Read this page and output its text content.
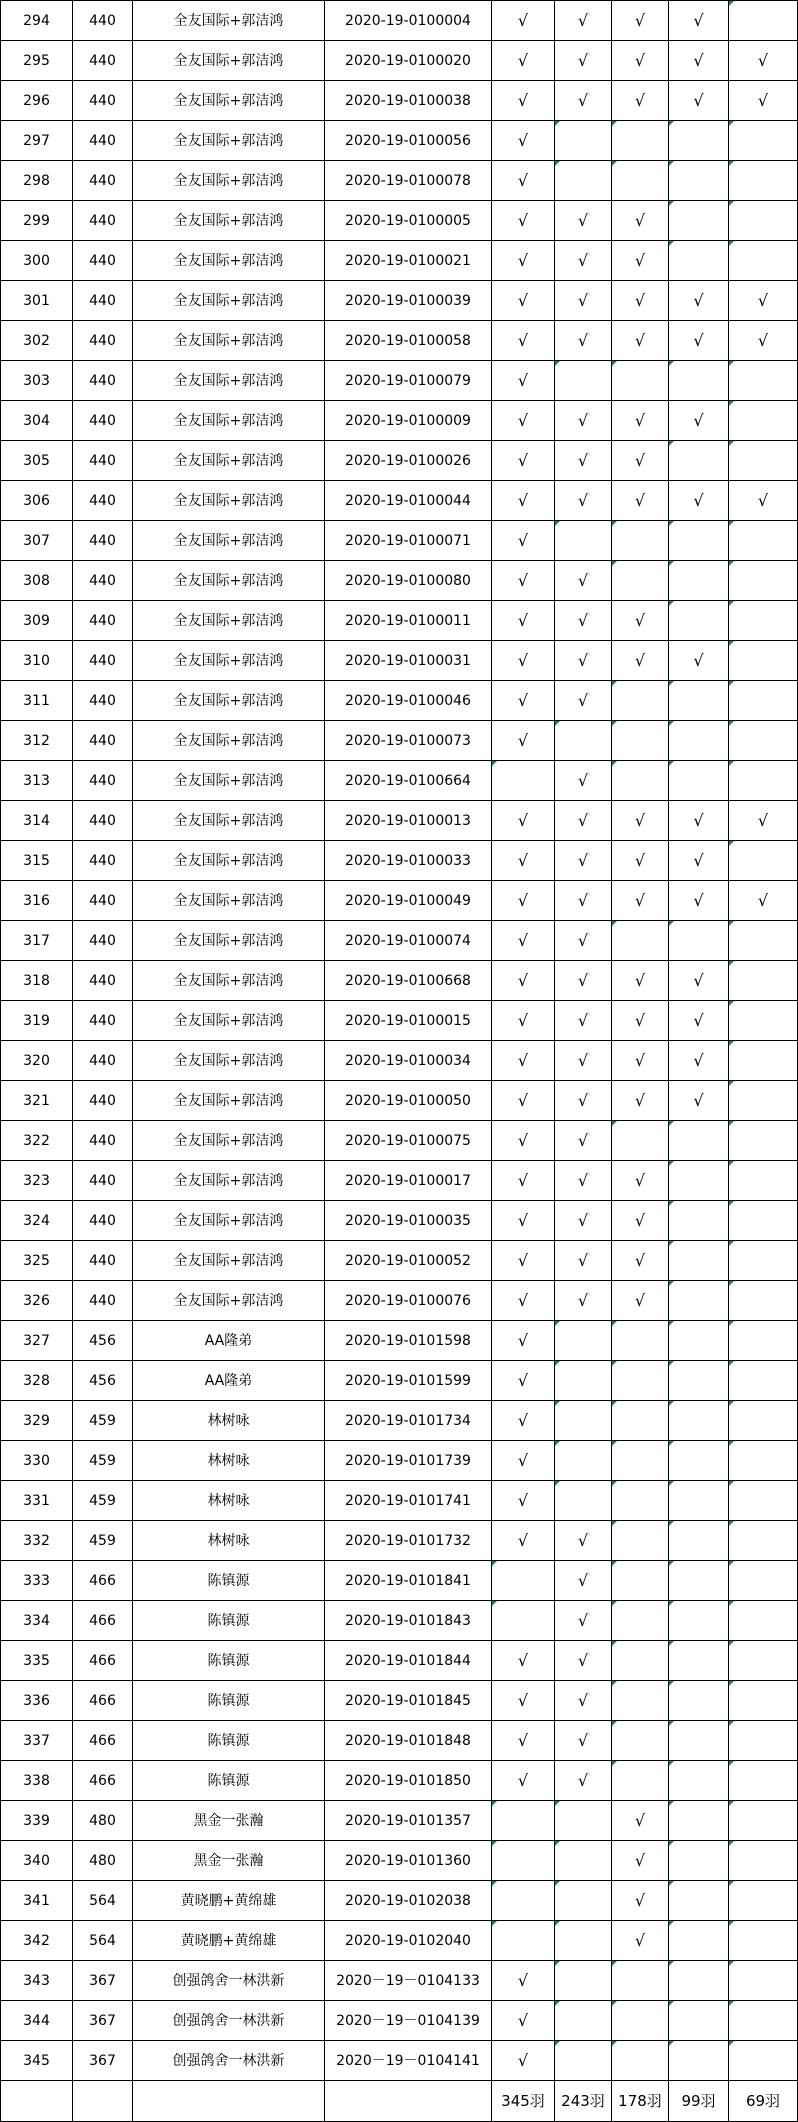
294	440	全友国际+郭洁鸿	2020-19-0100004	√	√	√	√	
295	440	全友国际+郭洁鸿	2020-19-0100020	√	√	√	√	√
296	440	全友国际+郭洁鸿	2020-19-0100038	√	√	√	√	√
297	440	全友国际+郭洁鸿	2020-19-0100056	√				
298	440	全友国际+郭洁鸿	2020-19-0100078	√				
299	440	全友国际+郭洁鸿	2020-19-0100005	√	√	√		
300	440	全友国际+郭洁鸿	2020-19-0100021	√	√	√		
301	440	全友国际+郭洁鸿	2020-19-0100039	√	√	√	√	√
302	440	全友国际+郭洁鸿	2020-19-0100058	√	√	√	√	√
303	440	全友国际+郭洁鸿	2020-19-0100079	√				
304	440	全友国际+郭洁鸿	2020-19-0100009	√	√	√	√	
305	440	全友国际+郭洁鸿	2020-19-0100026	√	√	√		
306	440	全友国际+郭洁鸿	2020-19-0100044	√	√	√	√	√
307	440	全友国际+郭洁鸿	2020-19-0100071	√				
308	440	全友国际+郭洁鸿	2020-19-0100080	√	√			
309	440	全友国际+郭洁鸿	2020-19-0100011	√	√	√		
310	440	全友国际+郭洁鸿	2020-19-0100031	√	√	√	√	
311	440	全友国际+郭洁鸿	2020-19-0100046	√	√			
312	440	全友国际+郭洁鸿	2020-19-0100073	√				
313	440	全友国际+郭洁鸿	2020-19-0100664		√			
314	440	全友国际+郭洁鸿	2020-19-0100013	√	√	√	√	√
315	440	全友国际+郭洁鸿	2020-19-0100033	√	√	√	√	
316	440	全友国际+郭洁鸿	2020-19-0100049	√	√	√	√	√
317	440	全友国际+郭洁鸿	2020-19-0100074	√	√			
318	440	全友国际+郭洁鸿	2020-19-0100668	√	√	√	√	
319	440	全友国际+郭洁鸿	2020-19-0100015	√	√	√	√	
320	440	全友国际+郭洁鸿	2020-19-0100034	√	√	√	√	
321	440	全友国际+郭洁鸿	2020-19-0100050	√	√	√	√	
322	440	全友国际+郭洁鸿	2020-19-0100075	√	√			
323	440	全友国际+郭洁鸿	2020-19-0100017	√	√	√		
324	440	全友国际+郭洁鸿	2020-19-0100035	√	√	√		
325	440	全友国际+郭洁鸿	2020-19-0100052	√	√	√		
326	440	全友国际+郭洁鸿	2020-19-0100076	√	√	√		
327	456	AA隆弟	2020-19-0101598	√				
328	456	AA隆弟	2020-19-0101599	√				
329	459	林树咏	2020-19-0101734	√				
330	459	林树咏	2020-19-0101739	√				
331	459	林树咏	2020-19-0101741	√				
332	459	林树咏	2020-19-0101732	√	√			
333	466	陈镇源	2020-19-0101841		√			
334	466	陈镇源	2020-19-0101843		√			
335	466	陈镇源	2020-19-0101844	√	√			
336	466	陈镇源	2020-19-0101845	√	√			
337	466	陈镇源	2020-19-0101848	√	√			
338	466	陈镇源	2020-19-0101850	√	√			
339	480	黑金一张瀚	2020-19-0101357			√		
340	480	黑金一张瀚	2020-19-0101360			√		
341	564	黄晓鹏+黄绵雄	2020-19-0102038			√		
342	564	黄晓鹏+黄绵雄	2020-19-0102040			√		
343	367	创强鸽舍一林洪新	2020－19－0104133	√				
344	367	创强鸽舍一林洪新	2020－19－0104139	√				
345	367	创强鸽舍一林洪新	2020－19－0104141	√				
				345羽	243羽	178羽	99羽	69羽
